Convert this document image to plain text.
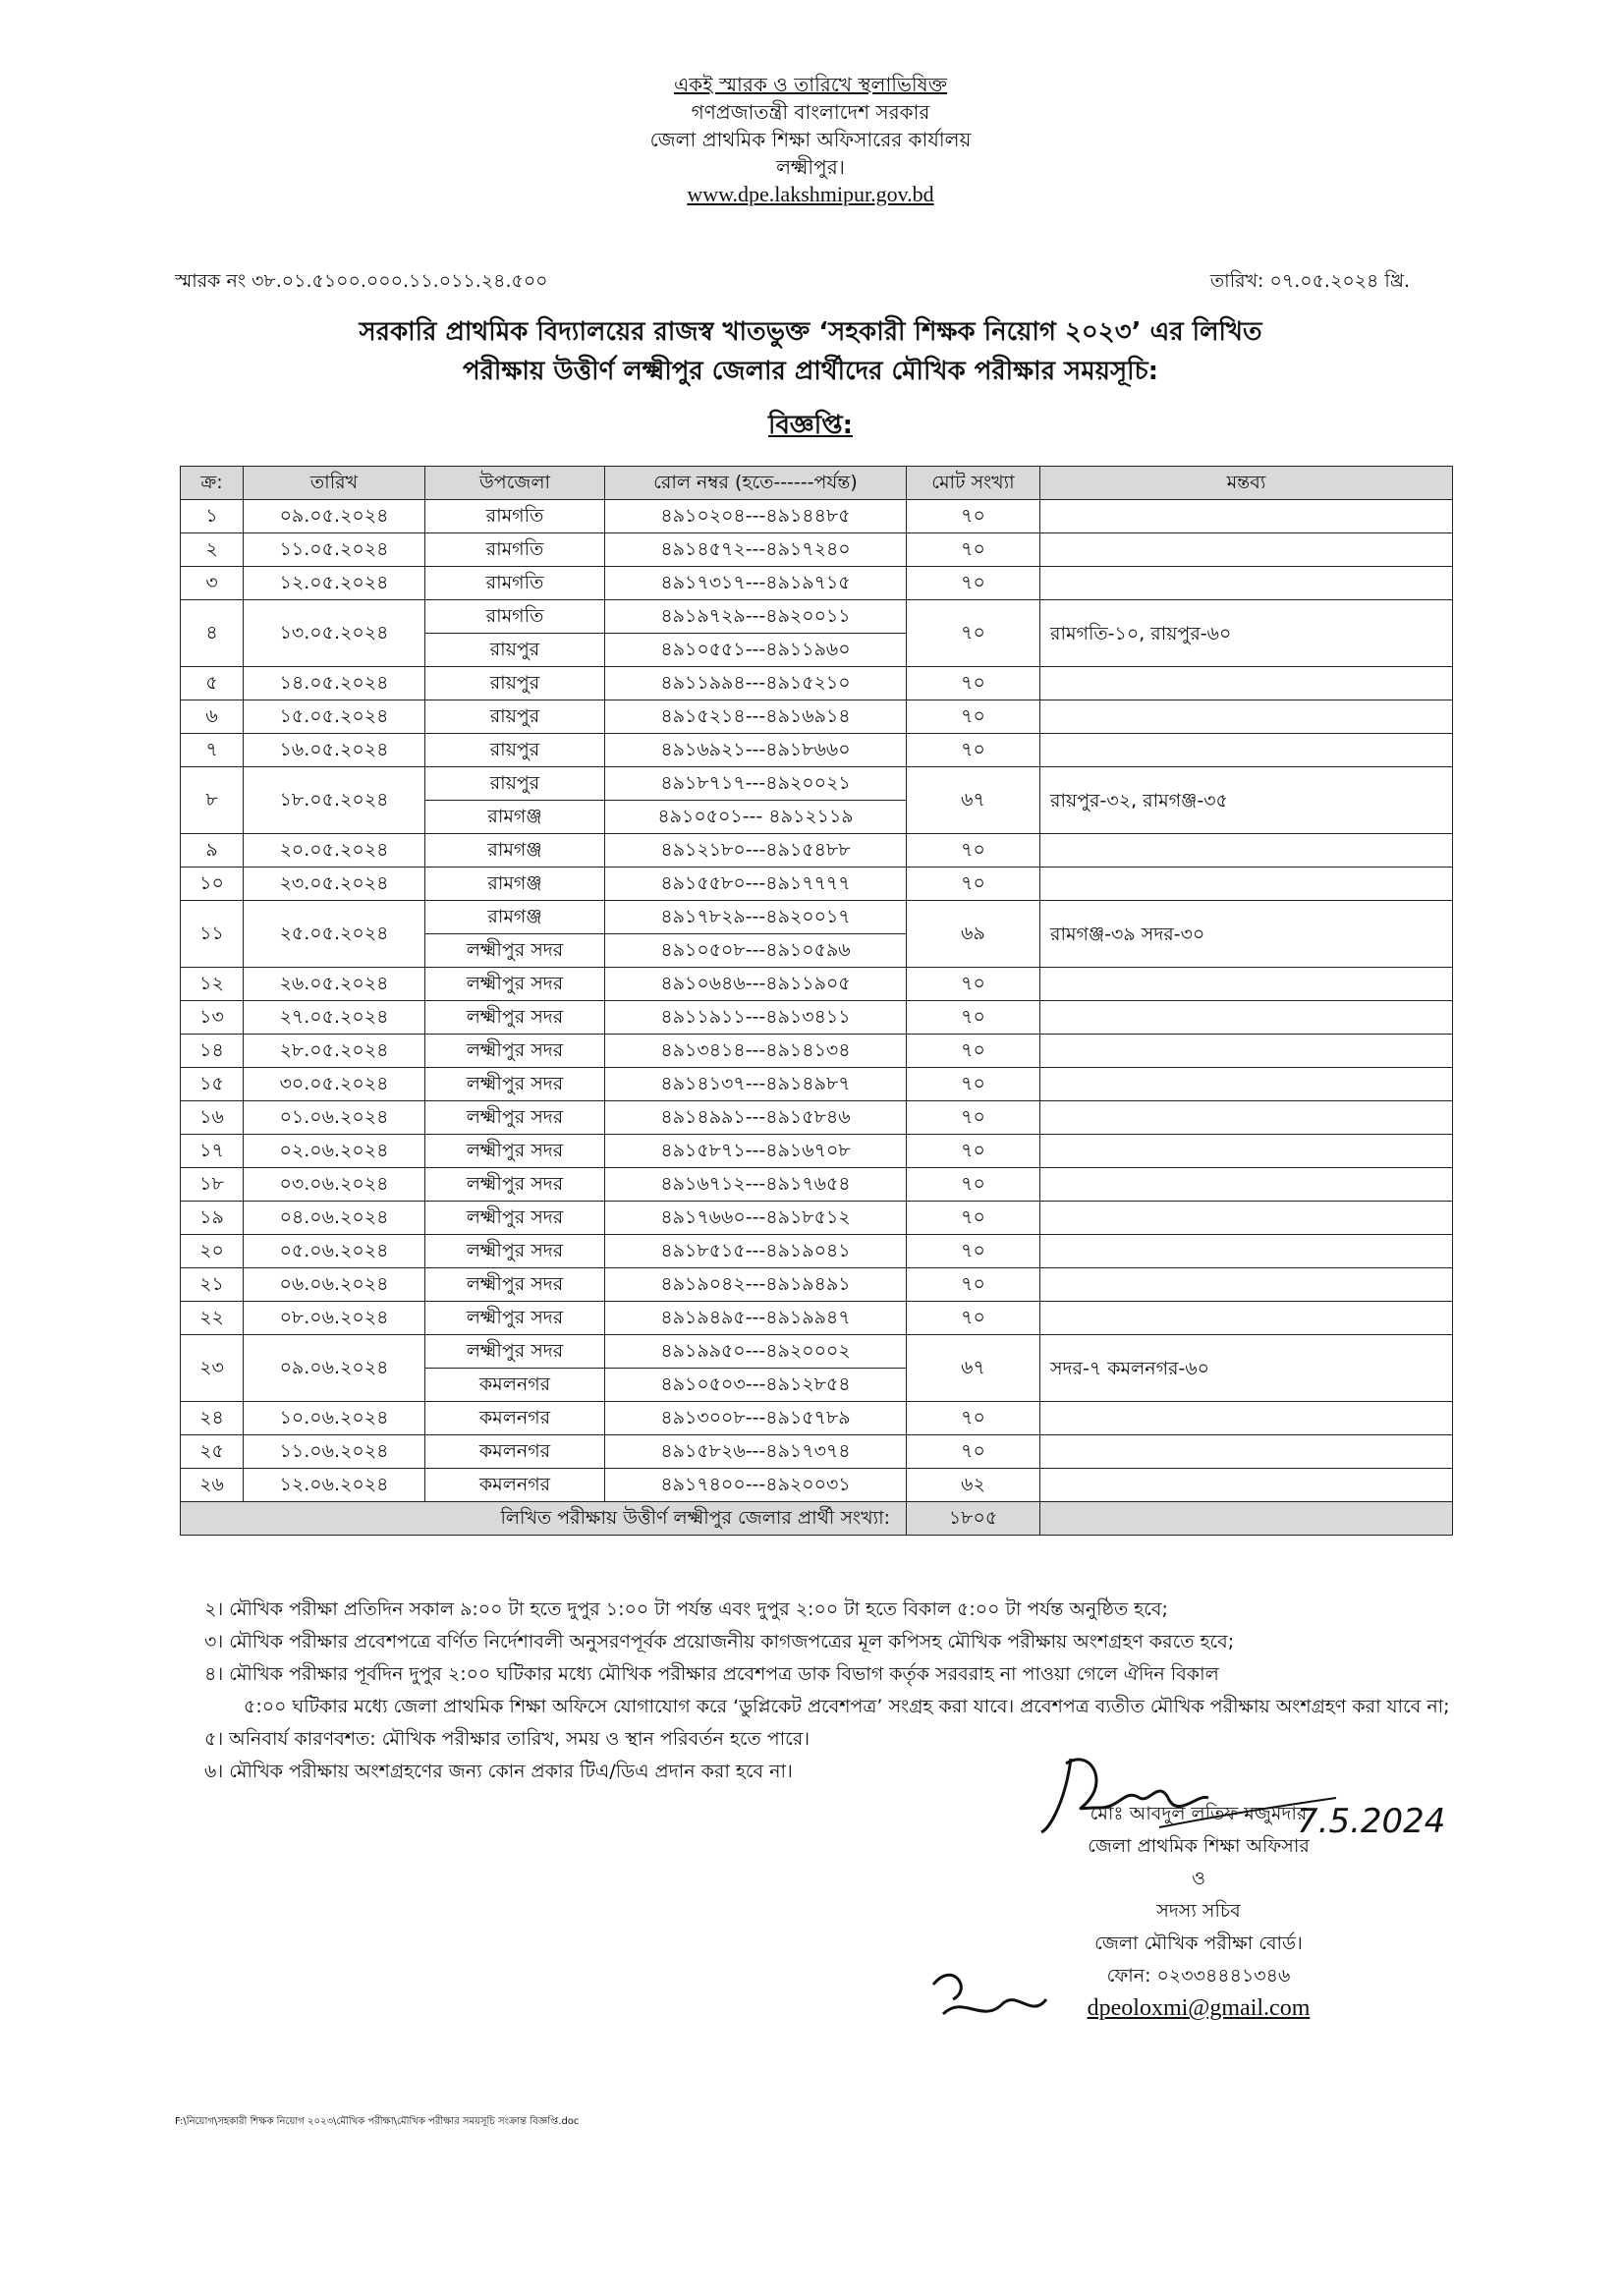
একই স্মারক ও তারিখে স্থলাভিষিক্ত
গণপ্রজাতন্ত্রী বাংলাদেশ সরকার
জেলা প্রাথমিক শিক্ষা অফিসারের কার্যালয়
লক্ষ্মীপুর।
www.dpe.lakshmipur.gov.bd
স্মারক নং ৩৮.০১.৫১০০.০০০.১১.০১১.২৪.৫০০	তারিখ: ০৭.০৫.২০২৪ খ্রি.
সরকারি প্রাথমিক বিদ্যালয়ের রাজস্ব খাতভুক্ত ‘সহকারী শিক্ষক নিয়োগ ২০২৩’ এর লিখিত
পরীক্ষায় উত্তীর্ণ লক্ষ্মীপুর জেলার প্রার্থীদের মৌখিক পরীক্ষার সময়সূচি:
বিজ্ঞপ্তি:
ক্র:	তারিখ	উপজেলা	রোল নম্বর (হতে------পর্যন্ত)	মোট সংখ্যা	মন্তব্য
১	০৯.০৫.২০২৪	রামগতি	৪৯১০২০৪---৪৯১৪৪৮৫	৭০	
২	১১.০৫.২০২৪	রামগতি	৪৯১৪৫৭২---৪৯১৭২৪০	৭০	
৩	১২.০৫.২০২৪	রামগতি	৪৯১৭৩১৭---৪৯১৯৭১৫	৭০	
৪	১৩.০৫.২০২৪	রামগতি	৪৯১৯৭২৯---৪৯২০০১১	৭০	রামগতি-১০, রায়পুর-৬০
		রায়পুর	৪৯১০৫৫১---৪৯১১৯৬০		
৫	১৪.০৫.২০২৪	রায়পুর	৪৯১১৯৯৪---৪৯১৫২১০	৭০	
৬	১৫.০৫.২০২৪	রায়পুর	৪৯১৫২১৪---৪৯১৬৯১৪	৭০	
৭	১৬.০৫.২০২৪	রায়পুর	৪৯১৬৯২১---৪৯১৮৬৬০	৭০	
৮	১৮.০৫.২০২৪	রায়পুর	৪৯১৮৭১৭---৪৯২০০২১	৬৭	রায়পুর-৩২, রামগঞ্জ-৩৫
		রামগঞ্জ	৪৯১০৫০১--- ৪৯১২১১৯		
৯	২০.০৫.২০২৪	রামগঞ্জ	৪৯১২১৮০---৪৯১৫৪৮৮	৭০	
১০	২৩.০৫.২০২৪	রামগঞ্জ	৪৯১৫৫৮০---৪৯১৭৭৭৭	৭০	
১১	২৫.০৫.২০২৪	রামগঞ্জ	৪৯১৭৮২৯---৪৯২০০১৭	৬৯	রামগঞ্জ-৩৯ সদর-৩০
		লক্ষ্মীপুর সদর	৪৯১০৫০৮---৪৯১০৫৯৬		
১২	২৬.০৫.২০২৪	লক্ষ্মীপুর সদর	৪৯১০৬৪৬---৪৯১১৯০৫	৭০	
১৩	২৭.০৫.২০২৪	লক্ষ্মীপুর সদর	৪৯১১৯১১---৪৯১৩৪১১	৭০	
১৪	২৮.০৫.২০২৪	লক্ষ্মীপুর সদর	৪৯১৩৪১৪---৪৯১৪১৩৪	৭০	
১৫	৩০.০৫.২০২৪	লক্ষ্মীপুর সদর	৪৯১৪১৩৭---৪৯১৪৯৮৭	৭০	
১৬	০১.০৬.২০২৪	লক্ষ্মীপুর সদর	৪৯১৪৯৯১---৪৯১৫৮৪৬	৭০	
১৭	০২.০৬.২০২৪	লক্ষ্মীপুর সদর	৪৯১৫৮৭১---৪৯১৬৭০৮	৭০	
১৮	০৩.০৬.২০২৪	লক্ষ্মীপুর সদর	৪৯১৬৭১২---৪৯১৭৬৫৪	৭০	
১৯	০৪.০৬.২০২৪	লক্ষ্মীপুর সদর	৪৯১৭৬৬০---৪৯১৮৫১২	৭০	
২০	০৫.০৬.২০২৪	লক্ষ্মীপুর সদর	৪৯১৮৫১৫---৪৯১৯০৪১	৭০	
২১	০৬.০৬.২০২৪	লক্ষ্মীপুর সদর	৪৯১৯০৪২---৪৯১৯৪৯১	৭০	
২২	০৮.০৬.২০২৪	লক্ষ্মীপুর সদর	৪৯১৯৪৯৫---৪৯১৯৯৪৭	৭০	
২৩	০৯.০৬.২০২৪	লক্ষ্মীপুর সদর	৪৯১৯৯৫০---৪৯২০০০২	৬৭	সদর-৭ কমলনগর-৬০
		কমলনগর	৪৯১০৫০৩---৪৯১২৮৫৪		
২৪	১০.০৬.২০২৪	কমলনগর	৪৯১৩০০৮---৪৯১৫৭৮৯	৭০	
২৫	১১.০৬.২০২৪	কমলনগর	৪৯১৫৮২৬---৪৯১৭৩৭৪	৭০	
২৬	১২.০৬.২০২৪	কমলনগর	৪৯১৭৪০০---৪৯২০০৩১	৬২	
লিখিত পরীক্ষায় উত্তীর্ণ লক্ষ্মীপুর জেলার প্রার্থী সংখ্যা:				১৮০৫	

২। মৌখিক পরীক্ষা প্রতিদিন সকাল ৯:০০ টা হতে দুপুর ১:০০ টা পর্যন্ত এবং দুপুর ২:০০ টা হতে বিকাল ৫:০০ টা পর্যন্ত অনুষ্ঠিত হবে;

৩। মৌখিক পরীক্ষার প্রবেশপত্রে বর্ণিত নির্দেশাবলী অনুসরণপূর্বক প্রয়োজনীয় কাগজপত্রের মূল কপিসহ মৌখিক পরীক্ষায় অংশগ্রহণ করতে হবে;

৪। মৌখিক পরীক্ষার পূর্বদিন দুপুর ২:০০ ঘটিকার মধ্যে মৌখিক পরীক্ষার প্রবেশপত্র ডাক বিভাগ কর্তৃক সরবরাহ না পাওয়া গেলে ঐদিন বিকাল

৫:০০ ঘটিকার মধ্যে জেলা প্রাথমিক শিক্ষা অফিসে যোগাযোগ করে ‘ডুপ্লিকেট প্রবেশপত্র’ সংগ্রহ করা যাবে। প্রবেশপত্র ব্যতীত মৌখিক পরীক্ষায় অংশগ্রহণ করা যাবে না;

৫। অনিবার্য কারণবশত: মৌখিক পরীক্ষার তারিখ, সময় ও স্থান পরিবর্তন হতে পারে।

৬। মৌখিক পরীক্ষায় অংশগ্রহণের জন্য কোন প্রকার টিএ/ডিএ প্রদান করা হবে না।

7.5.2024
মোঃ আবদুল লতিফ মজুমদার
জেলা প্রাথমিক শিক্ষা অফিসার
ও
সদস্য সচিব
জেলা মৌখিক পরীক্ষা বোর্ড।
ফোন: ০২৩৩৪৪৪১৩৪৬
dpeoloxmi@gmail.com
F:\নিয়োগ\সহকারী শিক্ষক নিয়োগ ২০২৩\মৌখিক পরীক্ষা\মৌখিক পরীক্ষার সময়সূচি সংক্রান্ত বিজ্ঞপ্তি.doc
